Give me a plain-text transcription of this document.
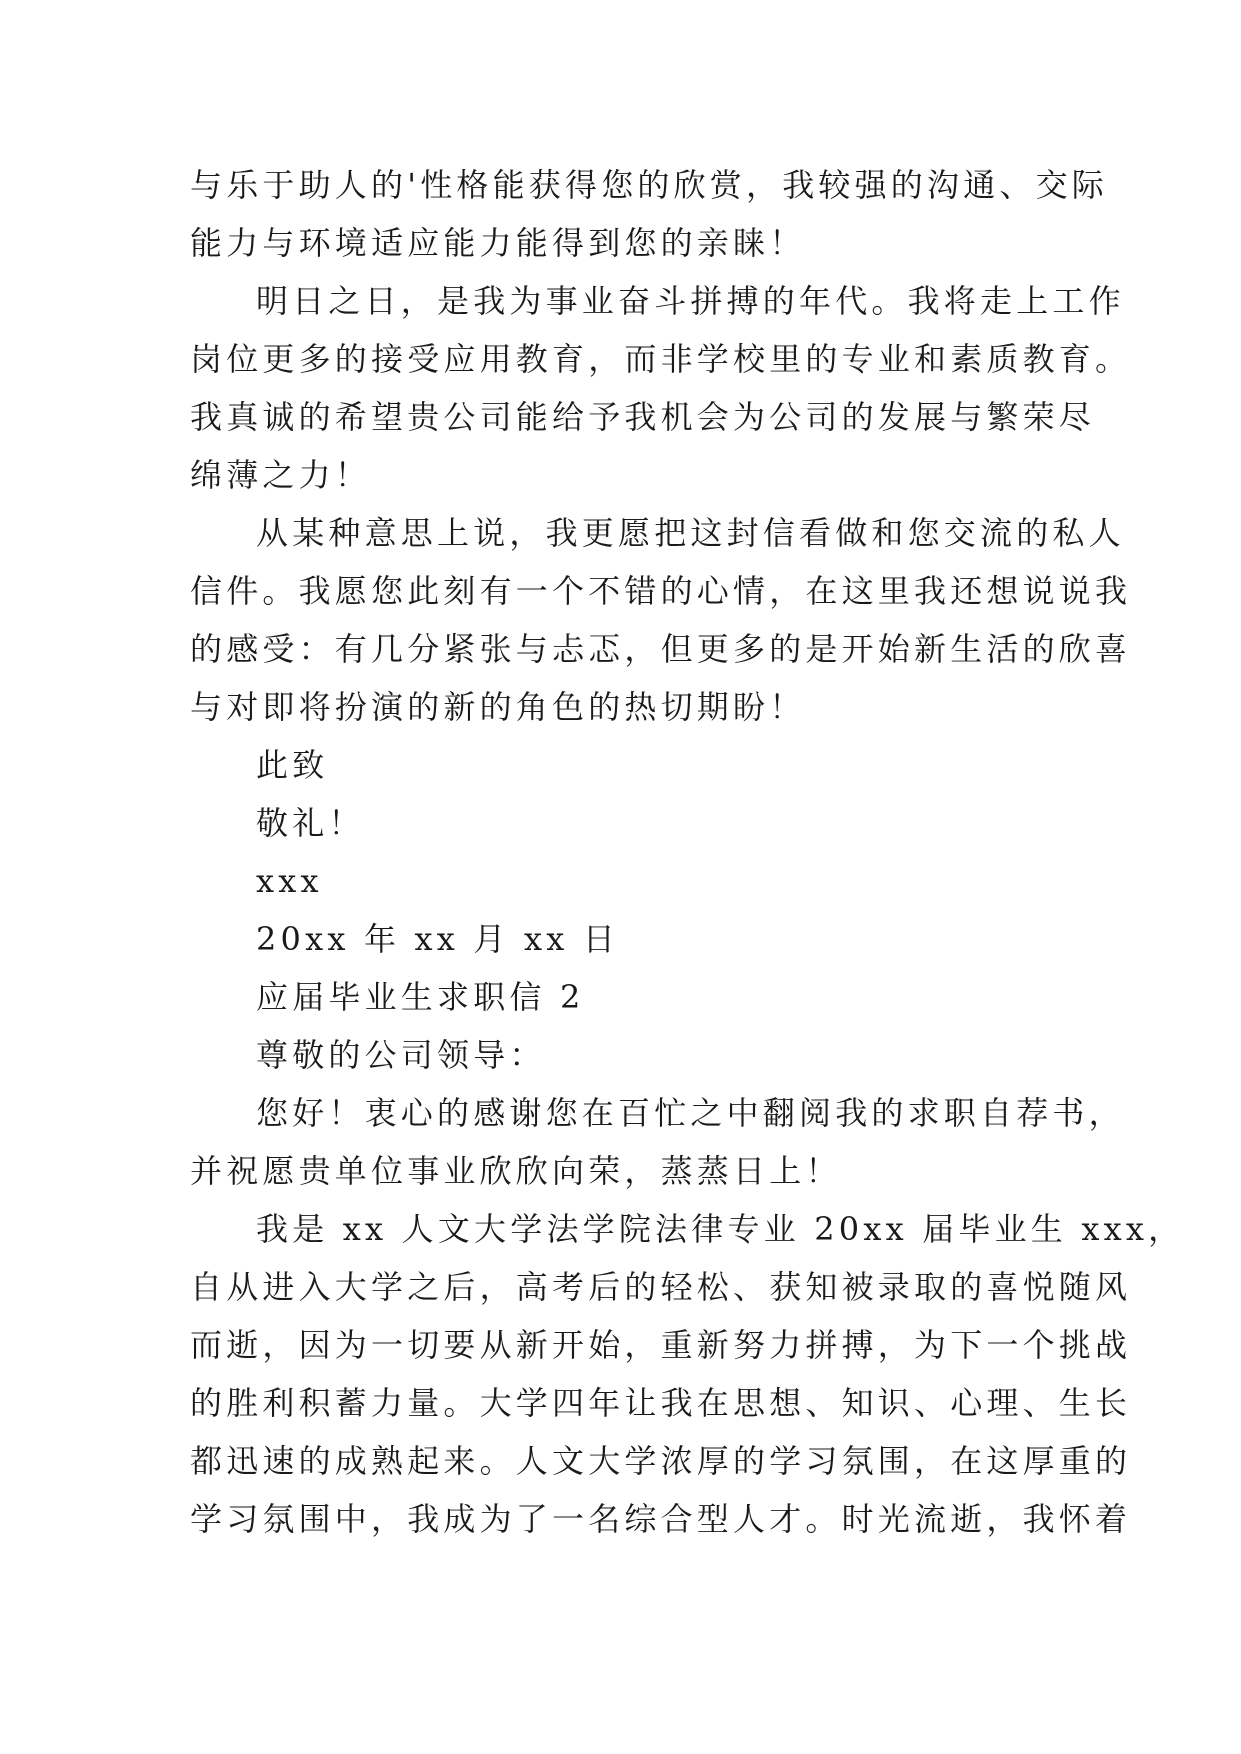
与乐于助人的'性格能获得您的欣赏，我较强的沟通、交际
能力与环境适应能力能得到您的亲睐！
明日之日，是我为事业奋斗拼搏的年代。我将走上工作
岗位更多的接受应用教育，而非学校里的专业和素质教育。
我真诚的希望贵公司能给予我机会为公司的发展与繁荣尽
绵薄之力！
从某种意思上说，我更愿把这封信看做和您交流的私人
信件。我愿您此刻有一个不错的心情，在这里我还想说说我
的感受：有几分紧张与忐忑，但更多的是开始新生活的欣喜
与对即将扮演的新的角色的热切期盼！
此致
敬礼！
xxx
20xx 年 xx 月 xx 日
应届毕业生求职信 2
尊敬的公司领导：
您好！衷心的感谢您在百忙之中翻阅我的求职自荐书，
并祝愿贵单位事业欣欣向荣，蒸蒸日上！
我是 xx 人文大学法学院法律专业 20xx 届毕业生 xxx，
自从进入大学之后，高考后的轻松、获知被录取的喜悦随风
而逝，因为一切要从新开始，重新努力拼搏，为下一个挑战
的胜利积蓄力量。大学四年让我在思想、知识、心理、生长
都迅速的成熟起来。人文大学浓厚的学习氛围，在这厚重的
学习氛围中，我成为了一名综合型人才。时光流逝，我怀着
